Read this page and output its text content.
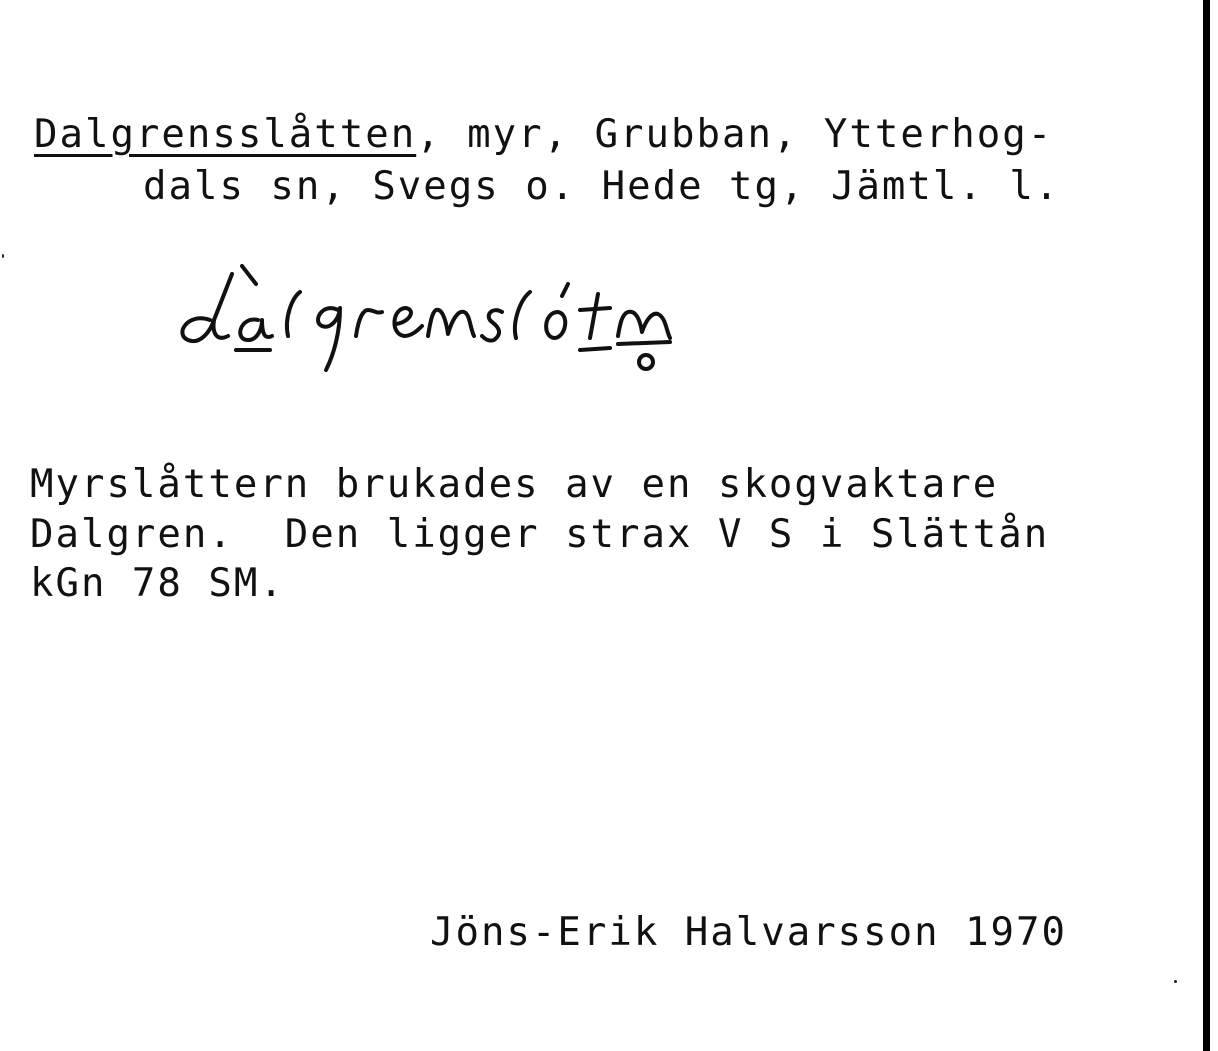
Dalgrensslåtten, myr, Grubban, Ytterhog-

dals sn, Svegs o. Hede tg, Jämtl. l.

Myrslåttern brukades av en skogvaktare

Dalgren.  Den ligger strax V S i Slättån

kGn 78 SM.

Jöns-Erik Halvarsson 1970
